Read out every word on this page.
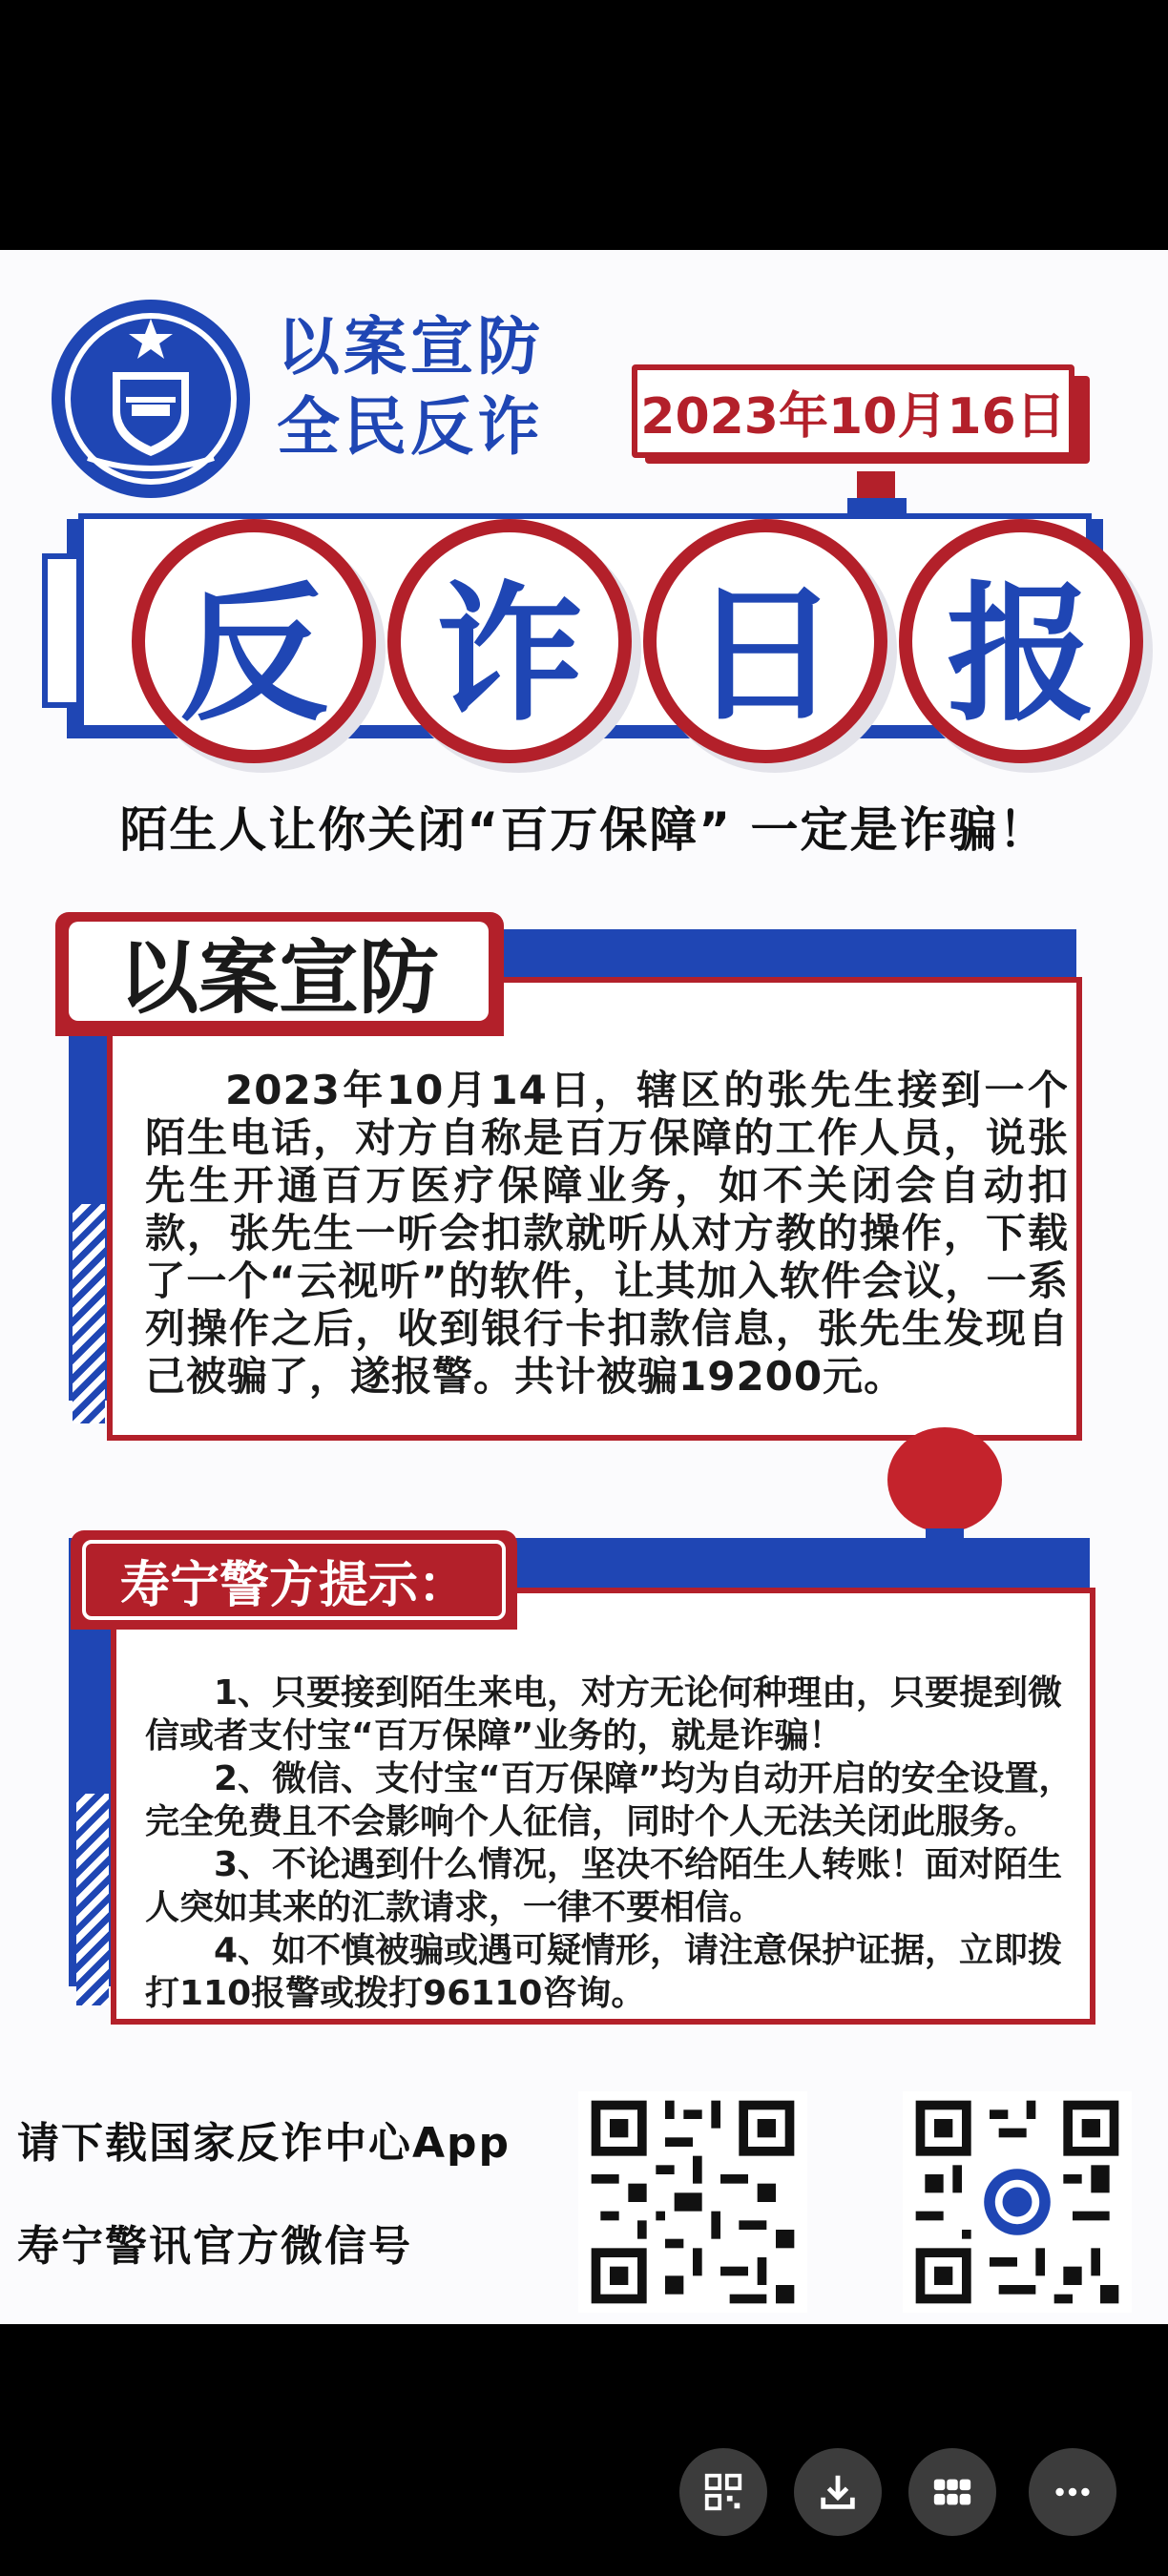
以案宣防
全民反诈 2023年10月16日
反 诈 日 报
陌生人让你关闭“百万保障” 一定是诈骗！
以案宣防
2023年10月14日，辖区的张先生接到一个陌生电话，对方自称是百万保障的工作人员，说张先生开通百万医疗保障业务，如不关闭会自动扣款，张先生一听会扣款就听从对方教的操作，下载了一个“云视听”的软件，让其加入软件会议，一系列操作之后，收到银行卡扣款信息，张先生发现自己被骗了，遂报警。共计被骗19200元。
寿宁警方提示：

1、只要接到陌生来电，对方无论何种理由，只要提到微信或者支付宝“百万保障”业务的，就是诈骗！

2、微信、支付宝“百万保障”均为自动开启的安全设置，完全免费且不会影响个人征信，同时个人无法关闭此服务。

3、不论遇到什么情况，坚决不给陌生人转账！面对陌生人突如其来的汇款请求，一律不要相信。

4、如不慎被骗或遇可疑情形，请注意保护证据，立即拨打110报警或拨打96110咨询。

请下载国家反诈中心App
寿宁警讯官方微信号
